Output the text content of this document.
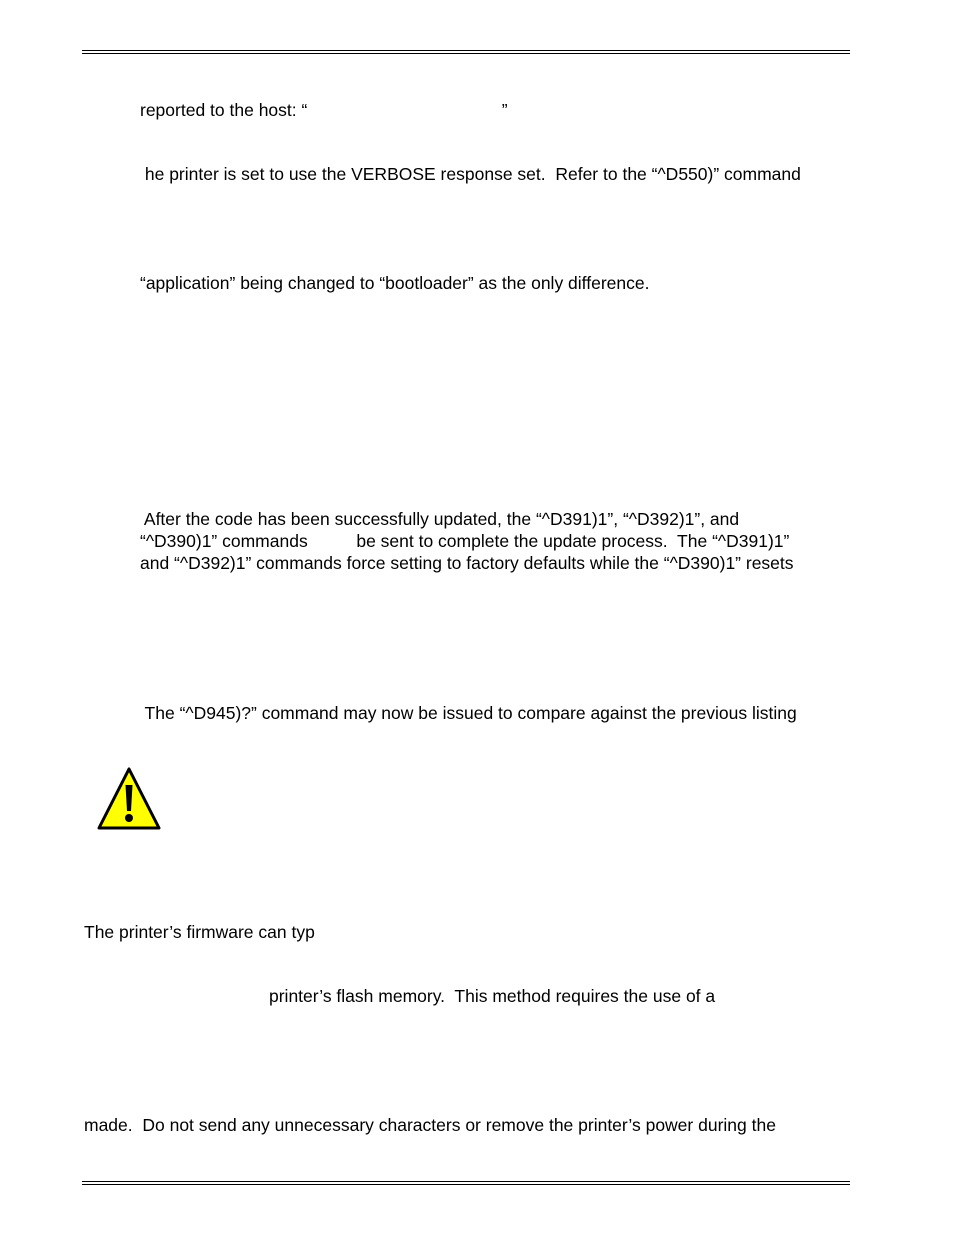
reported to the host: “                                        ”
he printer is set to use the VERBOSE response set.  Refer to the “^D550)” command
“application” being changed to “bootloader” as the only difference.
After the code has been successfully updated, the “^D391)1”, “^D392)1”, and
“^D390)1” commands          be sent to complete the update process.  The “^D391)1”
and “^D392)1” commands force setting to factory defaults while the “^D390)1” resets
The “^D945)?” command may now be issued to compare against the previous listing
The printer’s firmware can typ
printer’s flash memory.  This method requires the use of a
made.  Do not send any unnecessary characters or remove the printer’s power during the
